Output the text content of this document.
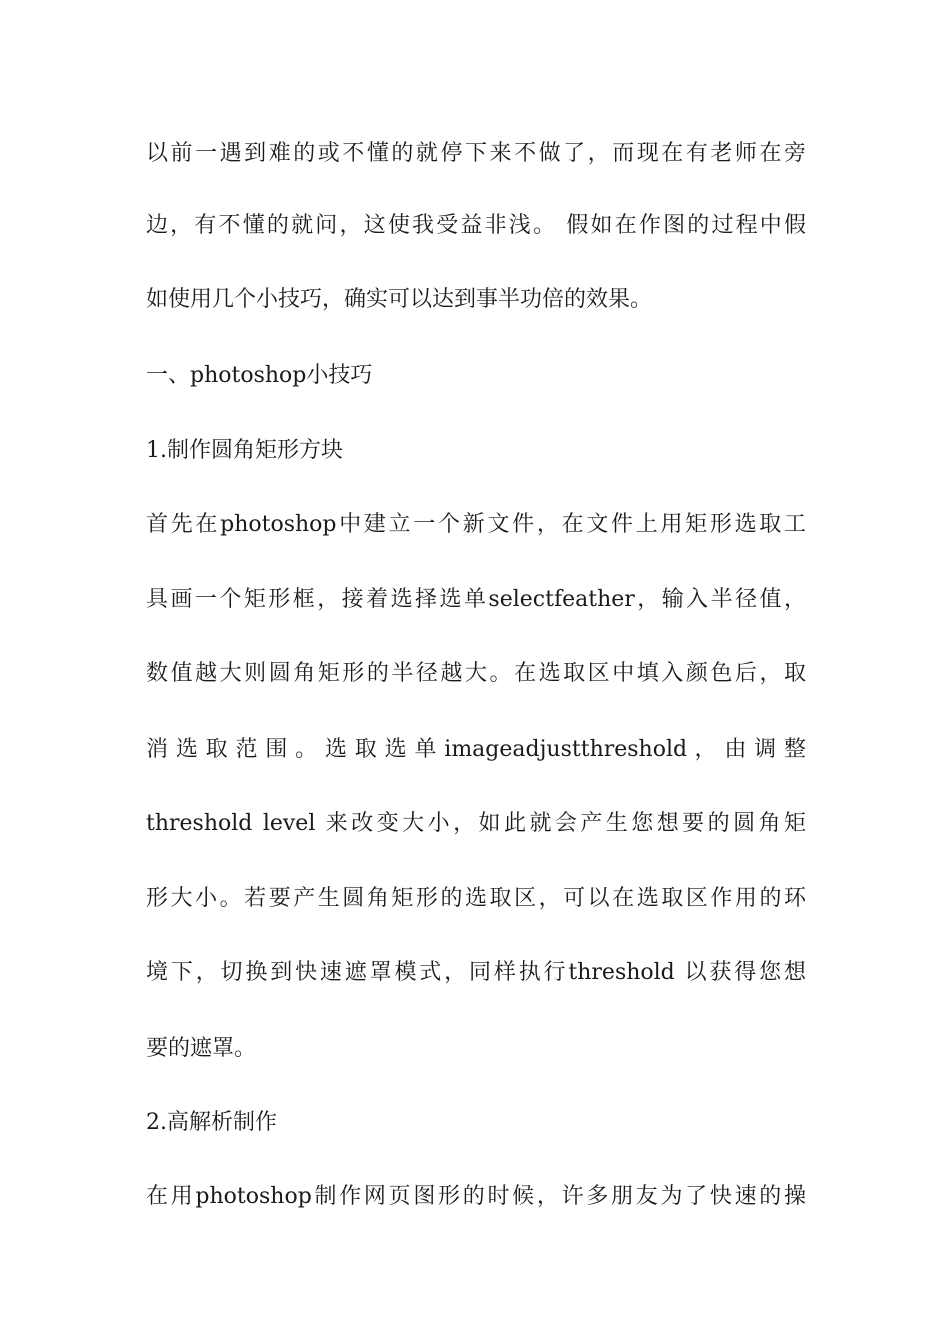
以前一遇到难的或不懂的就停下来不做了，而现在有老师在旁
边，有不懂的就问，这使我受益非浅。 假如在作图的过程中假
如使用几个小技巧，确实可以达到事半功倍的效果。
一、photoshop小技巧
1.制作圆角矩形方块
首先在photoshop中建立一个新文件，在文件上用矩形选取工
具画一个矩形框，接着选择选单selectfeather，输入半径值，
数值越大则圆角矩形的半径越大。在选取区中填入颜色后，取
消 选 取 范 围 。 选 取 选 单 imageadjustthreshold ， 由 调 整
threshold level 来改变大小，如此就会产生您想要的圆角矩
形大小。若要产生圆角矩形的选取区，可以在选取区作用的环
境下，切换到快速遮罩模式，同样执行threshold 以获得您想
要的遮罩。
2.高解析制作
在用photoshop制作网页图形的时候，许多朋友为了快速的操
